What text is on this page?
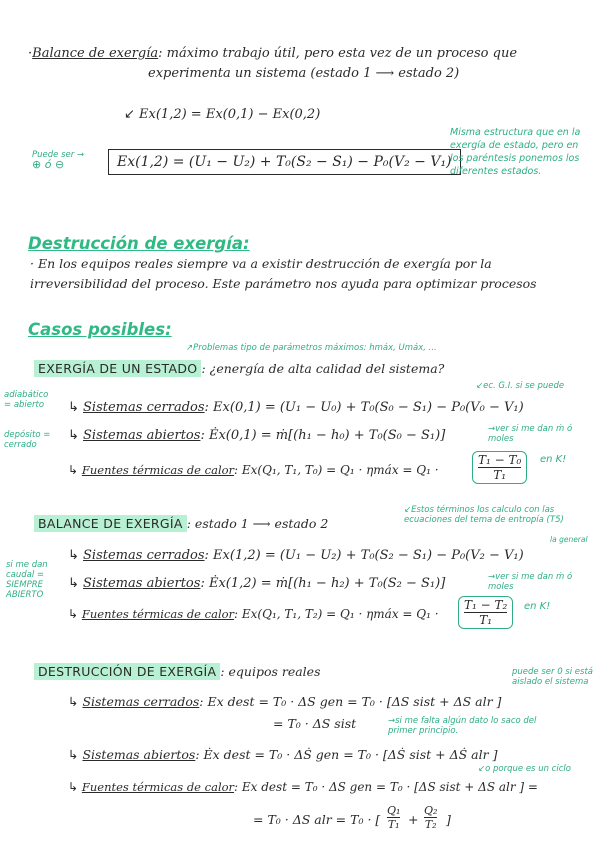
·Balance de exergía: máximo trabajo útil, pero esta vez de un proceso que
experimenta un sistema (estado 1 ⟶ estado 2)
↙ Ex(1,2) = Ex(0,1) − Ex(0,2)
Puede ser →
⊕ ó ⊖	Ex(1,2) = (U₁ − U₂) + T₀(S₂ − S₁) − P₀(V₂ − V₁)
Misma estructura que en la exergía de estado, pero en los paréntesis ponemos los diferentes estados.
Destrucción de exergía:
· En los equipos reales siempre va a existir destrucción de exergía por la
irreversibilidad del proceso. Este parámetro nos ayuda para optimizar procesos
Casos posibles:
↗Problemas tipo de parámetros máximos: hmáx, Umáx, ...
EXERGÍA DE UN ESTADO : ¿energía de alta calidad del sistema?
adiabático = abierto
depósito = cerrado
↙ec. G.I. si se puede
↳ Sistemas cerrados: Ex(0,1) = (U₁ − U₀) + T₀(S₀ − S₁) − P₀(V₀ − V₁)
↳ Sistemas abiertos: Ėx(0,1) = ṁ[(h₁ − h₀) + T₀(S₀ − S₁)]	→ver si me dan ṁ ó moles
↳ Fuentes térmicas de calor: Ex(Q₁, T₁, T₀) = Q₁ · ηmáx = Q₁ ·	$\frac{\text{T₁ − T₀}}{\text{T₁}}$ en K!
BALANCE DE EXERGÍA : estado 1 ⟶ estado 2
↙Estos términos los calculo con las ecuaciones del tema de entropía (T5)
la general
si me dan caudal = SIEMPRE ABIERTO
↳ Sistemas cerrados: Ex(1,2) = (U₁ − U₂) + T₀(S₂ − S₁) − P₀(V₂ − V₁)
↳ Sistemas abiertos: Ėx(1,2) = ṁ[(h₁ − h₂) + T₀(S₂ − S₁)]	→ver si me dan ṁ ó moles
↳ Fuentes térmicas de calor: Ex(Q₁, T₁, T₂) = Q₁ · ηmáx = $Q_1 \cdot \frac{\text{T₁ − T₂}}{\text{T₁}}$ en K!
DESTRUCCIÓN DE EXERGÍA : equipos reales	puede ser 0 si está aislado el sistema
↳ Sistemas cerrados: Ex dest = T₀ · ΔS gen = T₀ · [ΔS sist + ΔS alr ]
= T₀ · ΔS sist	→si me falta algún dato lo saco del primer principio.
↳ Sistemas abiertos: Ėx dest = T₀ · ΔṠ gen = T₀ · [ΔṠ sist + ΔṠ alr ]
↙o porque es un ciclo
↳ Fuentes térmicas de calor: Ex dest = T₀ · ΔS gen = T₀ · [ΔS sist + ΔS alr ] =
= T₀ · ΔS alr = T₀ · [ $\frac{\text{Q₁}}{\text{T₁}} + \frac{\text{Q₂}}{\text{T₂}}$ ]
